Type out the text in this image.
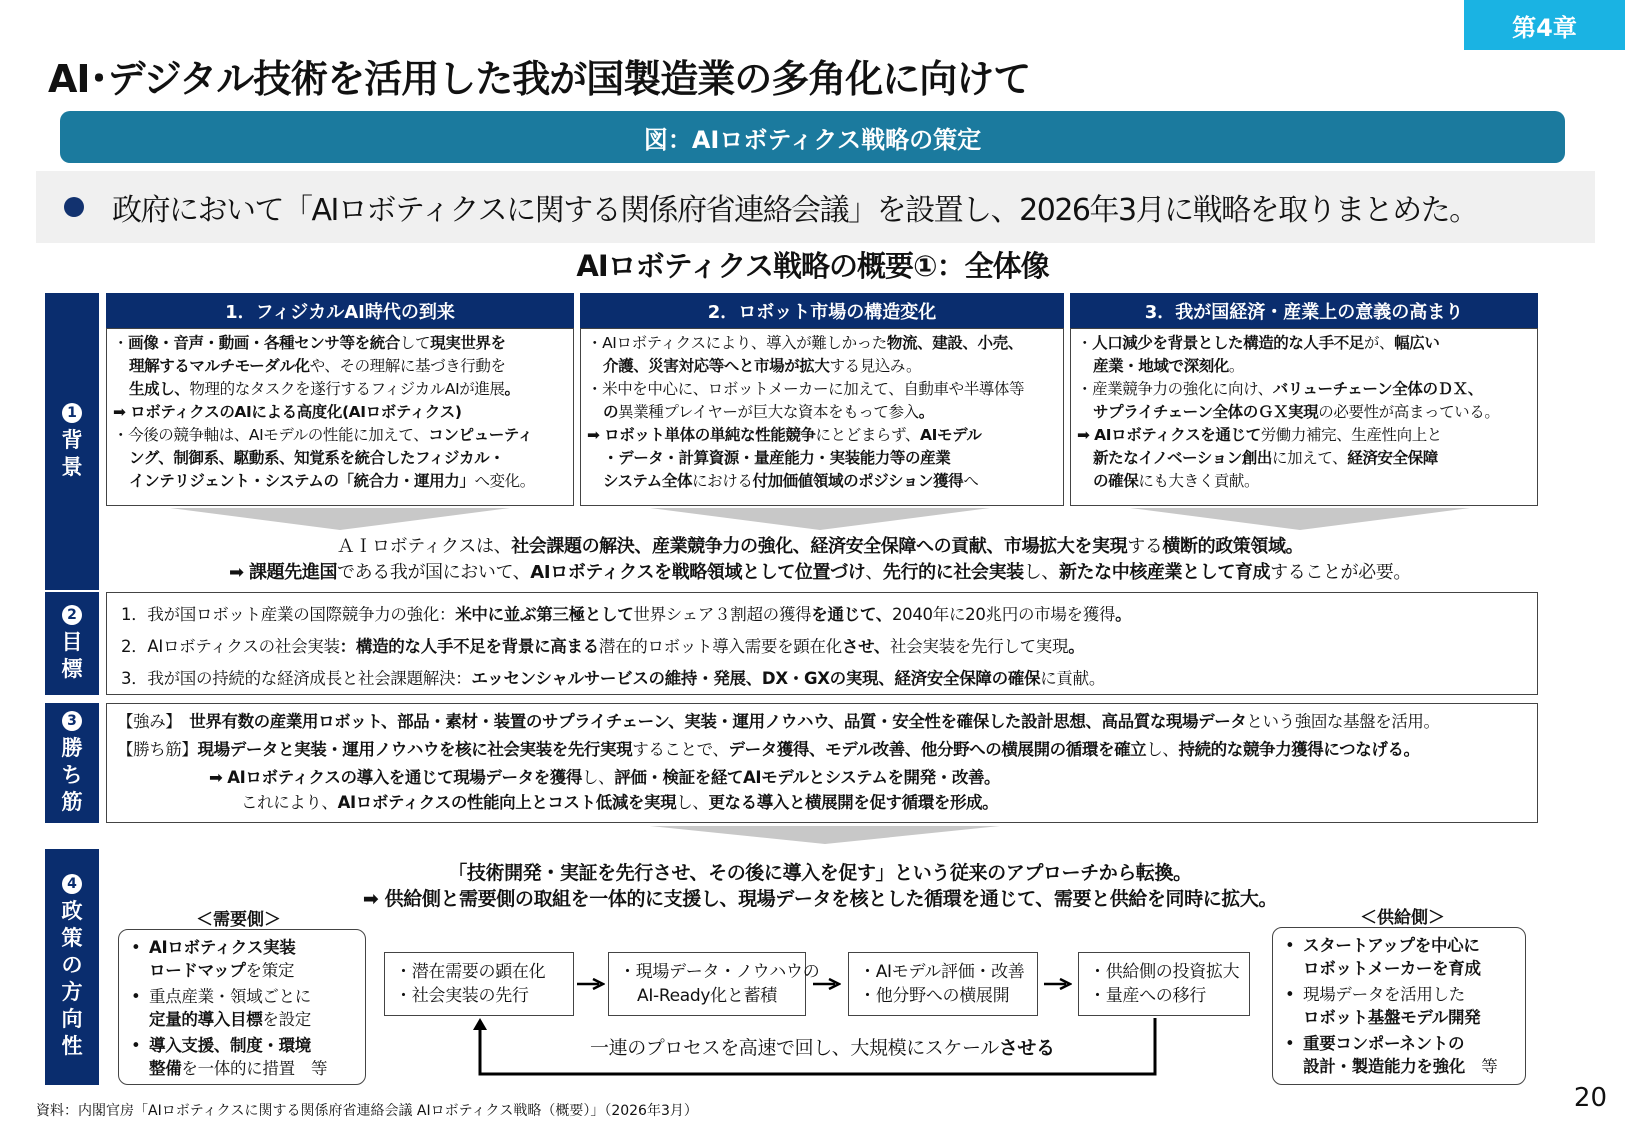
第4章
AI･デジタル技術を活用した我が国製造業の多角化に向けて
図：AIロボティクス戦略の策定
政府において「AIロボティクスに関する関係府省連絡会議」を設置し、2026年3月に戦略を取りまとめた。
AIロボティクス戦略の概要①：全体像
1
背
景
2
目
標
3
勝
ち
筋
4
政
策
の
方
向
性
1．フィジカルAI時代の到来	2．ロボット市場の構造変化	3．我が国経済・産業上の意義の高まり

・画像・音声・動画・各種センサ等を統合して現実世界を

理解するマルチモーダル化や、その理解に基づき行動を

生成し、物理的なタスクを遂行するフィジカルAIが進展。

➡ ロボティクスのAIによる高度化(AIロボティクス)

・今後の競争軸は、AIモデルの性能に加えて、コンピューティ

ング、制御系、駆動系、知覚系を統合したフィジカル・

インテリジェント・システムの「統合力・運用力」へ変化。

・AIロボティクスにより、導入が難しかった物流、建設、小売、

介護、災害対応等へと市場が拡大する見込み。

・米中を中心に、ロボットメーカーに加えて、自動車や半導体等

の異業種プレイヤーが巨大な資本をもって参入。

➡ ロボット単体の単純な性能競争にとどまらず、AIモデル

・データ・計算資源・量産能力・実装能力等の産業

システム全体における付加価値領域のポジション獲得へ

・人口減少を背景とした構造的な人手不足が、幅広い

産業・地域で深刻化。

・産業競争力の強化に向け、バリューチェーン全体のＤＸ、

サプライチェーン全体のＧＸ実現の必要性が高まっている。

➡ AIロボティクスを通じて労働力補完、生産性向上と

新たなイノベーション創出に加えて、経済安全保障

の確保にも大きく貢献。

ＡＩロボティクスは、社会課題の解決、産業競争力の強化、経済安全保障への貢献、市場拡大を実現する横断的政策領域。
➡ 課題先進国である我が国において、AIロボティクスを戦略領域として位置づけ、先行的に社会実装し、新たな中核産業として育成することが必要。

1．我が国ロボット産業の国際競争力の強化：米中に並ぶ第三極として世界シェア３割超の獲得を通じて、2040年に20兆円の市場を獲得。

2．AIロボティクスの社会実装：構造的な人手不足を背景に高まる潜在的ロボット導入需要を顕在化させ、社会実装を先行して実現。

3．我が国の持続的な経済成長と社会課題解決：エッセンシャルサービスの維持・発展、DX・GXの実現、経済安全保障の確保に貢献。

【強み】　世界有数の産業用ロボット、部品・素材・装置のサプライチェーン、実装・運用ノウハウ、品質・安全性を確保した設計思想、高品質な現場データという強固な基盤を活用。

【勝ち筋】現場データと実装・運用ノウハウを核に社会実装を先行実現することで、データ獲得、モデル改善、他分野への横展開の循環を確立し、持続的な競争力獲得につなげる。

➡ AIロボティクスの導入を通じて現場データを獲得し、評価・検証を経てAIモデルとシステムを開発・改善。

これにより、AIロボティクスの性能向上とコスト低減を実現し、更なる導入と横展開を促す循環を形成。

「技術開発・実証を先行させ、その後に導入を促す」という従来のアプローチから転換。
➡ 供給側と需要側の取組を一体的に支援し、現場データを核とした循環を通じて、需要と供給を同時に拡大。
＜需要側＞	＜供給側＞
• AIロボティクス実装
ロードマップを策定
• 重点産業・領域ごとに
定量的導入目標を設定
• 導入支援、制度・環境
整備を一体的に措置　等
• スタートアップを中心に
ロボットメーカーを育成
• 現場データを活用した
ロボット基盤モデル開発
• 重要コンポーネントの
設計・製造能力を強化　等
・潜在需要の顕在化
・社会実装の先行
・現場データ・ノウハウの
AI-Ready化と蓄積
・AIモデル評価・改善
・他分野への横展開
・供給側の投資拡大
・量産への移行
一連のプロセスを高速で回し、大規模にスケールさせる
資料：内閣官房「AIロボティクスに関する関係府省連絡会議 AIロボティクス戦略（概要）」（2026年3月）	20
